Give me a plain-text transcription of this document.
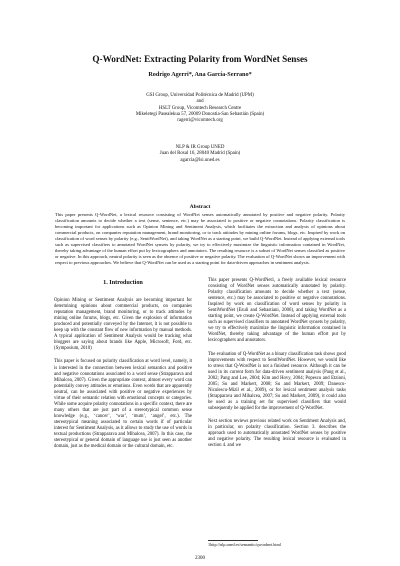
Q-WordNet: Extracting Polarity from WordNet Senses
Rodrigo Agerri*, Ana García-Serrano*
GSI Group, Universidad Politécnica de Madrid (UPM)
and
HSLT Group, Vicomtech Research Centre
Mikeletegi Pasealekua 57, 20009 Donostia-San Sebastián (Spain)
ragerri@vicomtech.org
NLP & IR Group UNED
Juan del Rosal 16, 28040 Madrid (Spain)
agarcia@lsi.uned.es
Abstract
This paper presents Q-WordNet, a lexical resource consisting of WordNet senses automatically annotated by positive and negative polarity. Polarity classification amounts to decide whether a text (sense, sentence, etc.) may be associated to positive or negative connotations. Polarity classification is becoming important for applications such as Opinion Mining and Sentiment Analysis, which facilitates the extraction and analysis of opinions about commercial products, on companies reputation management, brand monitoring, or to track attitudes by mining online forums, blogs, etc. Inspired by work on classification of word senses by polarity (e.g., SentiWordNet), and taking WordNet as a starting point, we build Q-WordNet. Instead of applying external tools such as supervised classifiers to annotated WordNet synsets by polarity, we try to effectively maximize the linguistic information contained in WordNet, thereby taking advantage of the human effort put by lexicographers and annotators. The resulting resource is a subset of WordNet senses classified as positive or negative. In this approach, neutral polarity is seen as the absence of positive or negative polarity. The evaluation of Q-WordNet shows an improvement with respect to previous approaches. We believe that Q-WordNet can be used as a starting point for data-driven approaches in sentiment analysis.
1. Introduction

Opinion Mining or Sentiment Analysis are becoming important for determining opinions about commercial products, on companies reputation management, brand monitoring, or to track attitudes by mining online forums, blogs, etc. Given the explosion of information produced and potentially conveyed by the Internet, it is not possible to keep up with the constant flow of new information by manual methods. A typical application of Sentiment Analysis would be tracking what bloggers are saying about brands like Apple, Microsoft, Ford, etc. (Symposium, 2010)

This paper is focused on polarity classification at word level, namely, it is interested in the connection between lexical semantics and positive and negative connotations associated to a word sense (Strapparava and Mihalcea, 2007). Given the appropriate context, almost every word can potentially convey attitudes or emotions. Even words that are apparently neutral, can be associated with positive or negative experiences by virtue of their semantic relation with emotional concepts or categories. While some acquire polarity connotations in a specific context, there are many others that are just part of a stereotypical common sense knowledge (e.g., ‘cancer’, ‘war’, ‘mum’, ‘angel’, etc.). The stereotypical meaning associated to certain words if of particular interest for Sentiment Analysis, as it allows to study the use of words in textual productions (Strapparava and Mihalcea, 2007). In this case, the stereotypical or general domain of language use is just seen as another domain, just as the medical domain or the cultural domain, etc.

This paper presents Q-WordNet1, a freely available lexical resource consisting of WordNet senses automatically annotated by polarity. Polarity classification amounts to decide whether a text (sense, sentence, etc.) may be associated to positive or negative connotations. Inspired by work on classification of word senses by polarity in SentiWordNet (Esuli and Sebastiani, 2006), and taking WordNet as a starting point, we create Q-WordNet. Instead of applying external tools such as supervised classifiers to annotated WordNet synsets by polarity, we try to effectively maximize the linguistic information contained in WordNet, thereby taking advantage of the human effort put by lexicographers and annotators.

The evaluation of Q-WordNet as a binary classification task shows good improvements with respect to SentiWordNet. However, we would like to stress that Q-WordNet is not a finished resource. Although it can be used in its current form for data-driven sentiment analysis (Pang et al., 2002; Pang and Lee, 2004; Kim and Hovy, 2004; Popescu and Etzioni, 2005; Su and Markert, 2008; Su and Markert, 2009; Danescu-Niculescu-Mizil et al., 2009), or for lexical sentiment analysis tasks (Strapparava and Mihalcea, 2007; Su and Markert, 2009), it could also be used as a training set for supervised classifiers that would subsequently be applied for the improvement of Q-WordNet.

Next section reviews previous related work on Sentiment Analysis and, in particular, on polarity classification. Section 3. describes the approach used to automatically annotated WordNet senses by positive and negative polarity. The resulting lexical resource is evaluated in section 4. and we

1http://nlp.uned.es/semantic/qwordnet.html
2300
